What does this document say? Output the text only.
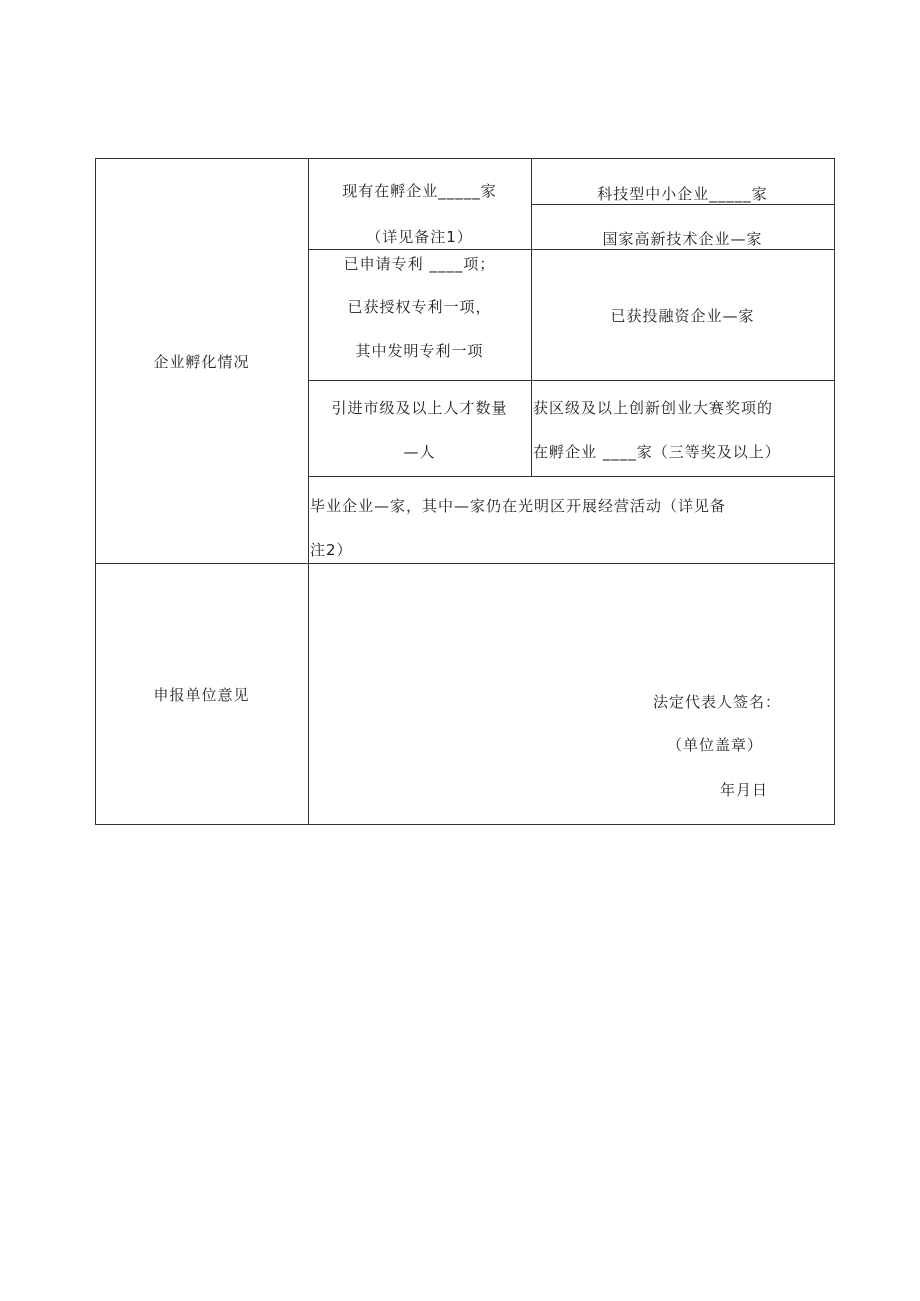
企业孵化情况
现有在孵企业_____家
（详见备注1）
科技型中小企业_____家
国家高新技术企业—家
已申请专利 ____项；
已获授权专利一项，
其中发明专利一项
已获投融资企业—家
引进市级及以上人才数量
—人
获区级及以上创新创业大赛奖项的
在孵企业 ____家（三等奖及以上）
毕业企业—家，其中—家仍在光明区开展经营活动（详见备
注2）
申报单位意见	法定代表人签名：
（单位盖章）
年月日
